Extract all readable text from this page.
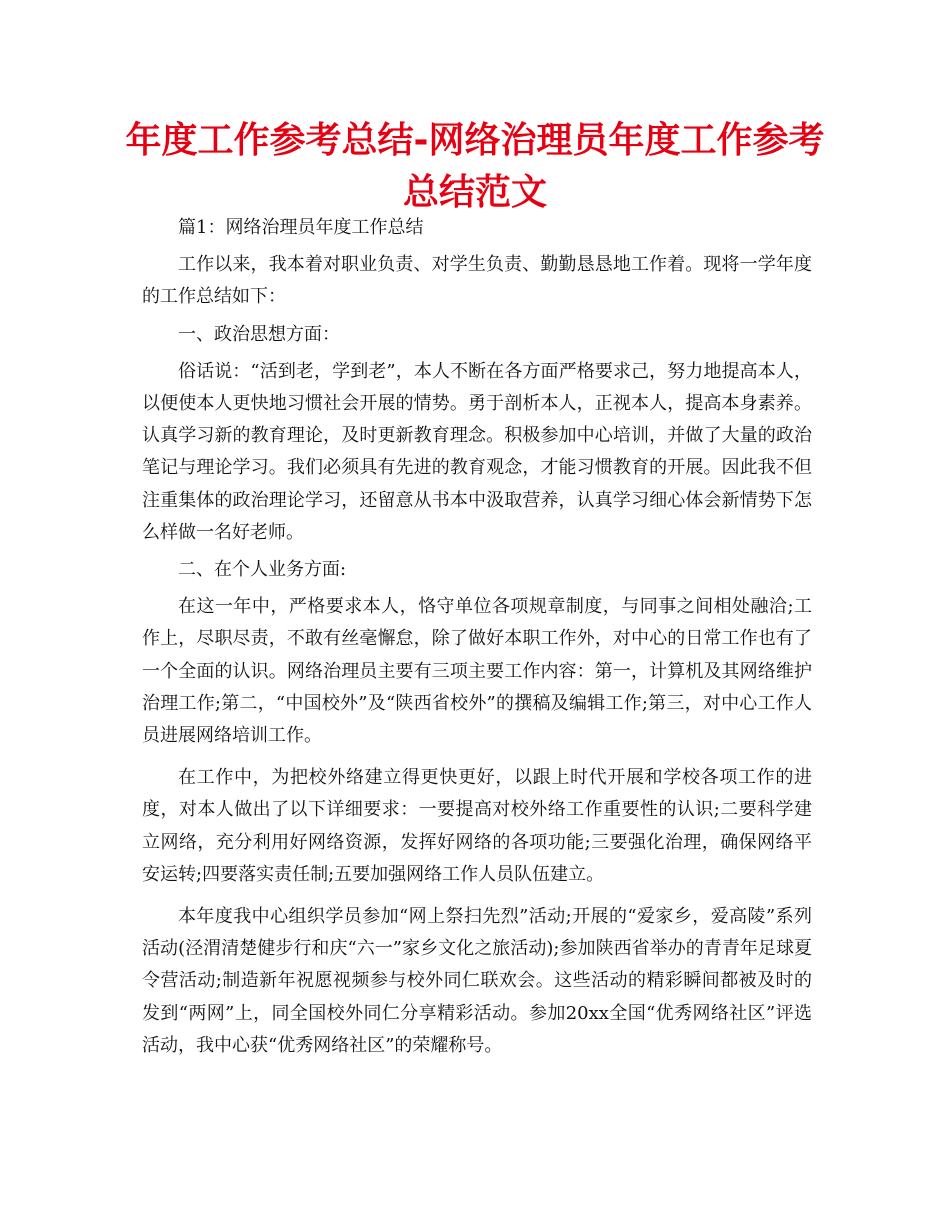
年度工作参考总结-网络治理员年度工作参考总结范文

篇1：网络治理员年度工作总结

工作以来，我本着对职业负责、对学生负责、勤勤恳恳地工作着。现将一学年度的工作总结如下：

一、政治思想方面：

俗话说：“活到老，学到老”，本人不断在各方面严格要求己，努力地提高本人，以便使本人更快地习惯社会开展的情势。勇于剖析本人，正视本人，提高本身素养。认真学习新的教育理论，及时更新教育理念。积极参加中心培训，并做了大量的政治笔记与理论学习。我们必须具有先进的教育观念，才能习惯教育的开展。因此我不但注重集体的政治理论学习，还留意从书本中汲取营养，认真学习细心体会新情势下怎么样做一名好老师。

二、在个人业务方面:

在这一年中，严格要求本人，恪守单位各项规章制度，与同事之间相处融洽;工作上，尽职尽责，不敢有丝毫懈怠，除了做好本职工作外，对中心的日常工作也有了一个全面的认识。网络治理员主要有三项主要工作内容：第一，计算机及其网络维护治理工作;第二，“中国校外”及“陕西省校外”的撰稿及编辑工作;第三，对中心工作人员进展网络培训工作。

在工作中，为把校外络建立得更快更好，以跟上时代开展和学校各项工作的进度，对本人做出了以下详细要求：一要提高对校外络工作重要性的认识;二要科学建立网络，充分利用好网络资源，发挥好网络的各项功能;三要强化治理，确保网络平安运转;四要落实责任制;五要加强网络工作人员队伍建立。

本年度我中心组织学员参加“网上祭扫先烈”活动;开展的“爱家乡，爱高陵”系列活动(泾渭清楚健步行和庆“六一”家乡文化之旅活动);参加陕西省举办的青青年足球夏令营活动;制造新年祝愿视频参与校外同仁联欢会。这些活动的精彩瞬间都被及时的发到“两网”上，同全国校外同仁分享精彩活动。参加20xx全国“优秀网络社区”评选活动，我中心获“优秀网络社区”的荣耀称号。
